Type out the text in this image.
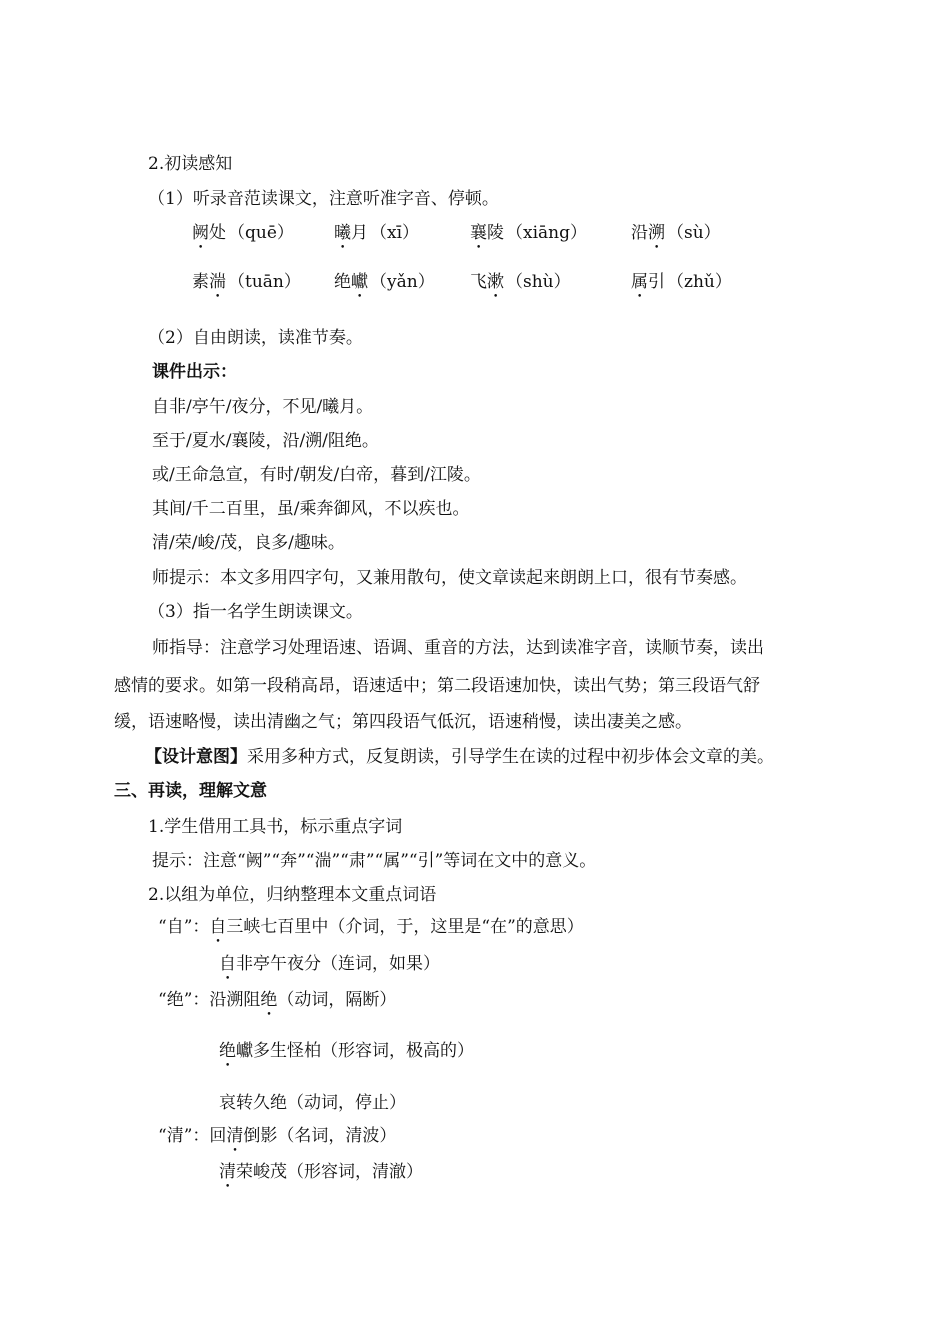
2.初读感知
（1）听录音范读课文，注意听准字音、停顿。
阙处 （quē） 曦月 （xī）	襄陵 （xiāng）	沿溯 （sù）
素湍 （tuān） 绝巘 （yǎn） 飞漱 （shù）	属引 （zhǔ）
（2）自由朗读，读准节奏。
课件出示：
自非/亭午/夜分，不见/曦月。
至于/夏水/襄陵，沿/溯/阻绝。
或/王命急宣，有时/朝发/白帝，暮到/江陵。
其间/千二百里，虽/乘奔御风，不以疾也。
清/荣/峻/茂，良多/趣味。
师提示：本文多用四字句，又兼用散句，使文章读起来朗朗上口，很有节奏感。
（3）指一名学生朗读课文。
师指导：注意学习处理语速、语调、重音的方法，达到读准字音，读顺节奏，读出
感情的要求。如第一段稍高昂，语速适中；第二段语速加快，读出气势；第三段语气舒
缓，语速略慢，读出清幽之气；第四段语气低沉，语速稍慢，读出凄美之感。
【设计意图】采用多种方式，反复朗读，引导学生在读的过程中初步体会文章的美。
三、再读，理解文意
1.学生借用工具书，标示重点字词
提示：注意“阙”“奔”“湍”“肃”“属”“引”等词在文中的意义。
2.以组为单位，归纳整理本文重点词语
“自”：自三峡七百里中（介词，于，这里是“在”的意思）
自非亭午夜分（连词，如果）
“绝”：沿溯阻绝（动词，隔断）
绝巘多生怪柏（形容词，极高的）
哀转久绝（动词，停止）
“清”：回清倒影（名词，清波）
清荣峻茂（形容词，清澈）
